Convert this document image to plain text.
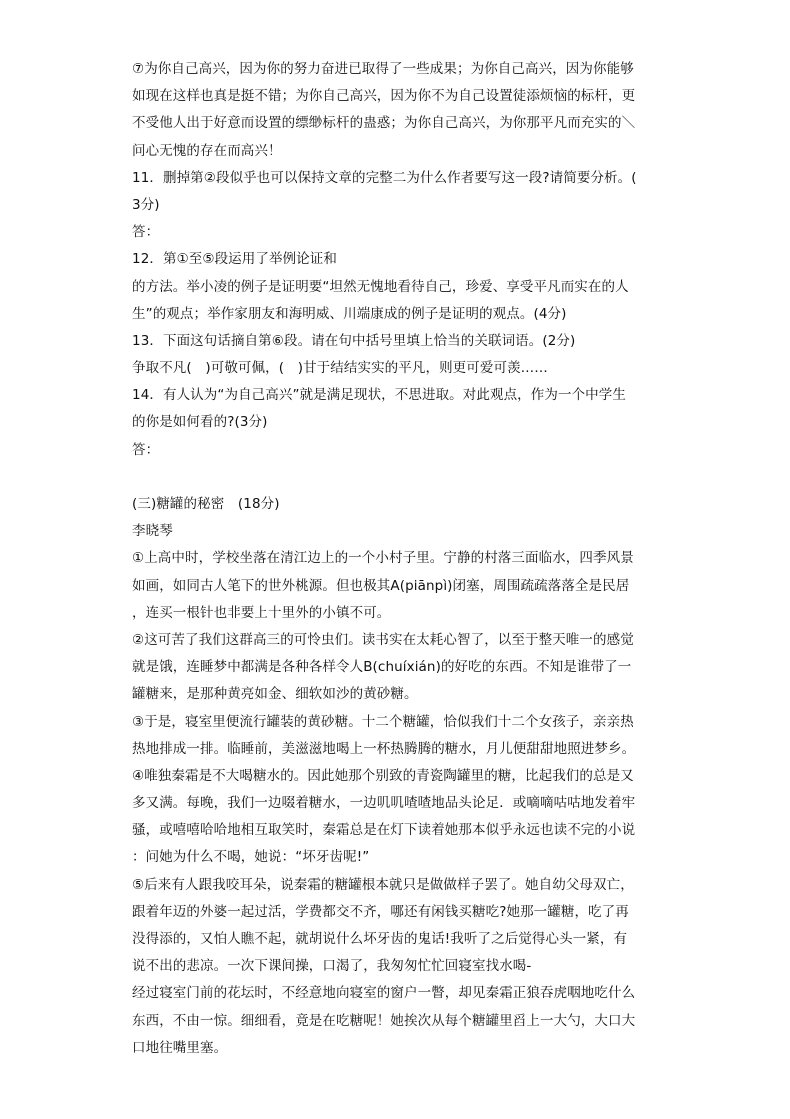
⑦为你自己高兴，因为你的努力奋进已取得了一些成果；为你自己高兴，因为你能够
如现在这样也真是挺不错；为你自己高兴，因为你不为自己设置徒添烦恼的标杆，更
不受他人出于好意而设置的缥缈标杆的蛊惑；为你自己高兴，为你那平凡而充实的＼
问心无愧的存在而高兴！
11．删掉第②段似乎也可以保持文章的完整二为什么作者要写这一段?请简要分析。(
3分)
答：
12．第①至⑤段运用了举例论证和
的方法。举小凌的例子是证明要“坦然无愧地看待自己，珍爱、享受平凡而实在的人
生”的观点；举作家朋友和海明威、川端康成的例子是证明的观点。(4分)
13．下面这句话摘自第⑥段。请在句中括号里填上恰当的关联词语。(2分)
争取不凡(　)可敬可佩，(　)甘于结结实实的平凡，则更可爱可羡……
14．有人认为“为自己高兴”就是满足现状，不思进取。对此观点，作为一个中学生
的你是如何看的?(3分)
答：
(三)糖罐的秘密　(18分)
李晓琴
①上高中时，学校坐落在清江边上的一个小村子里。宁静的村落三面临水，四季风景
如画，如同古人笔下的世外桃源。但也极其A(piānpì)闭塞，周围疏疏落落全是民居
，连买一根针也非要上十里外的小镇不可。
②这可苦了我们这群高三的可怜虫们。读书实在太耗心智了，以至于整天唯一的感觉
就是饿，连睡梦中都满是各种各样令人B(chuíxián)的好吃的东西。不知是谁带了一
罐糖来，是那种黄亮如金、细软如沙的黄砂糖。
③于是，寝室里便流行罐装的黄砂糖。十二个糖罐，恰似我们十二个女孩子，亲亲热
热地排成一排。临睡前，美滋滋地喝上一杯热腾腾的糖水，月儿便甜甜地照进梦乡。
④唯独秦霜是不大喝糖水的。因此她那个别致的青瓷陶罐里的糖，比起我们的总是又
多又满。每晚，我们一边啜着糖水，一边叽叽喳喳地品头论足．或嘀嘀咕咕地发着牢
骚，或嘻嘻哈哈地相互取笑时，秦霜总是在灯下读着她那本似乎永远也读不完的小说
：问她为什么不喝，她说：“坏牙齿呢!”
⑤后来有人跟我咬耳朵，说秦霜的糖罐根本就只是做做样子罢了。她自幼父母双亡，
跟着年迈的外婆一起过活，学费都交不齐，哪还有闲钱买糖吃?她那一罐糖，吃了再
没得添的，又怕人瞧不起，就胡说什么坏牙齿的鬼话!我听了之后觉得心头一紧，有
说不出的悲凉。一次下课间操，口渴了，我匆匆忙忙回寝室找水喝-
经过寝室门前的花坛时，不经意地向寝室的窗户一瞥，却见秦霜正狼吞虎咽地吃什么
东西，不由一惊。细细看，竟是在吃糖呢！她挨次从每个糖罐里舀上一大勺，大口大
口地往嘴里塞。
